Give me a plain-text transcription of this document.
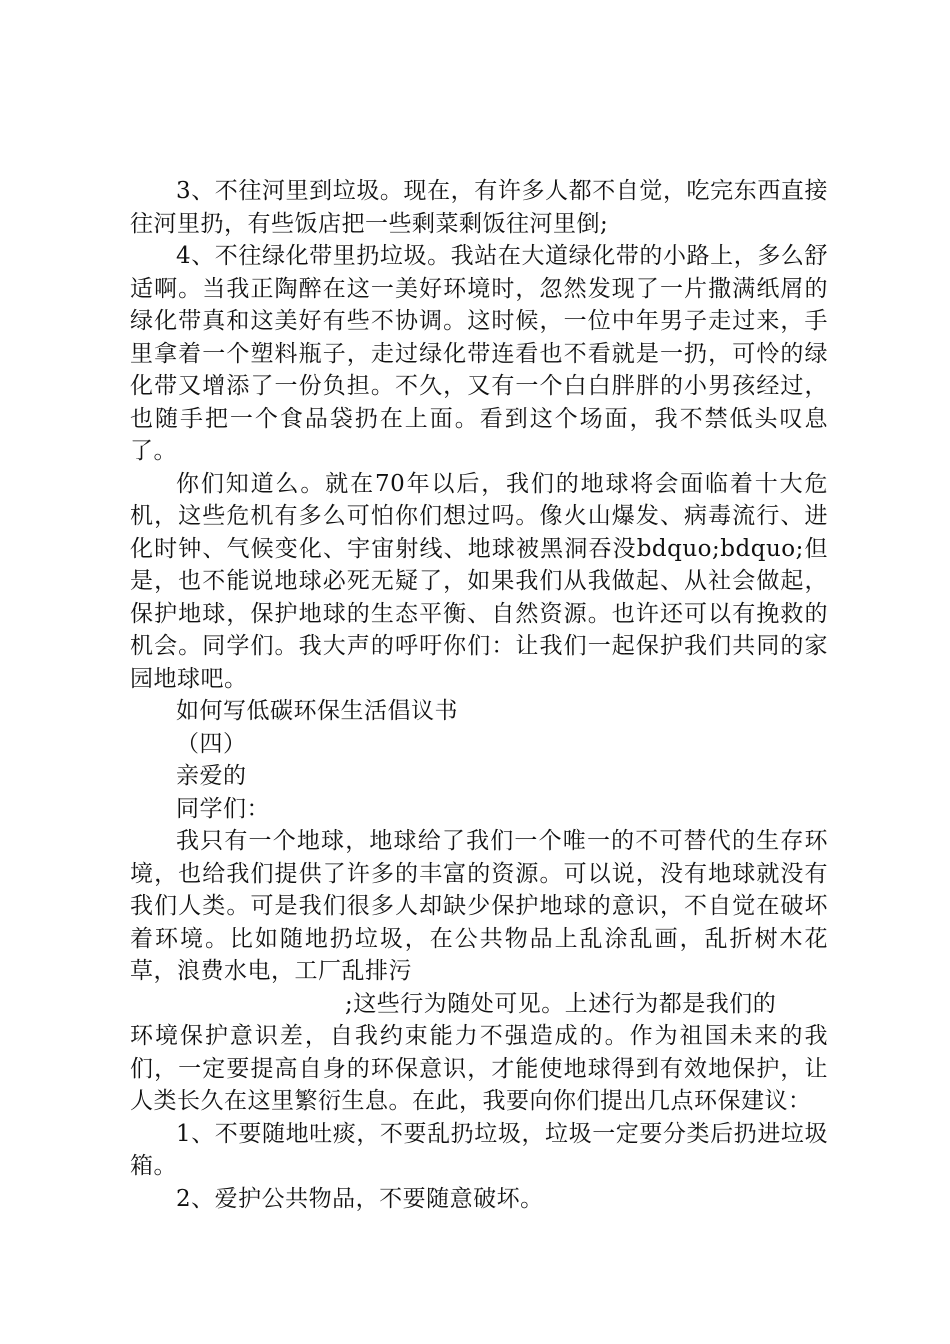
3、不往河里到垃圾。现在，有许多人都不自觉，吃完东西直接往河里扔，有些饭店把一些剩菜剩饭往河里倒;

4、不往绿化带里扔垃圾。我站在大道绿化带的小路上，多么舒适啊。当我正陶醉在这一美好环境时，忽然发现了一片撒满纸屑的绿化带真和这美好有些不协调。这时候，一位中年男子走过来，手里拿着一个塑料瓶子，走过绿化带连看也不看就是一扔，可怜的绿化带又增添了一份负担。不久，又有一个白白胖胖的小男孩经过，也随手把一个食品袋扔在上面。看到这个场面，我不禁低头叹息了。

你们知道么。就在70年以后，我们的地球将会面临着十大危机，这些危机有多么可怕你们想过吗。像火山爆发、病毒流行、进化时钟、气候变化、宇宙射线、地球被黑洞吞没bdquo;bdquo;但是，也不能说地球必死无疑了，如果我们从我做起、从社会做起，保护地球，保护地球的生态平衡、自然资源。也许还可以有挽救的机会。同学们。我大声的呼吁你们：让我们一起保护我们共同的家园地球吧。

如何写低碳环保生活倡议书

（四）

亲爱的

同学们：

我只有一个地球，地球给了我们一个唯一的不可替代的生存环境，也给我们提供了许多的丰富的资源。可以说，没有地球就没有我们人类。可是我们很多人却缺少保护地球的意识，不自觉在破坏着环境。比如随地扔垃圾，在公共物品上乱涂乱画，乱折树木花草，浪费水电，工厂乱排污

;这些行为随处可见。上述行为都是我们的

环境保护意识差，自我约束能力不强造成的。作为祖国未来的我们，一定要提高自身的环保意识，才能使地球得到有效地保护，让人类长久在这里繁衍生息。在此，我要向你们提出几点环保建议：

1、不要随地吐痰，不要乱扔垃圾，垃圾一定要分类后扔进垃圾箱。

2、爱护公共物品，不要随意破坏。
